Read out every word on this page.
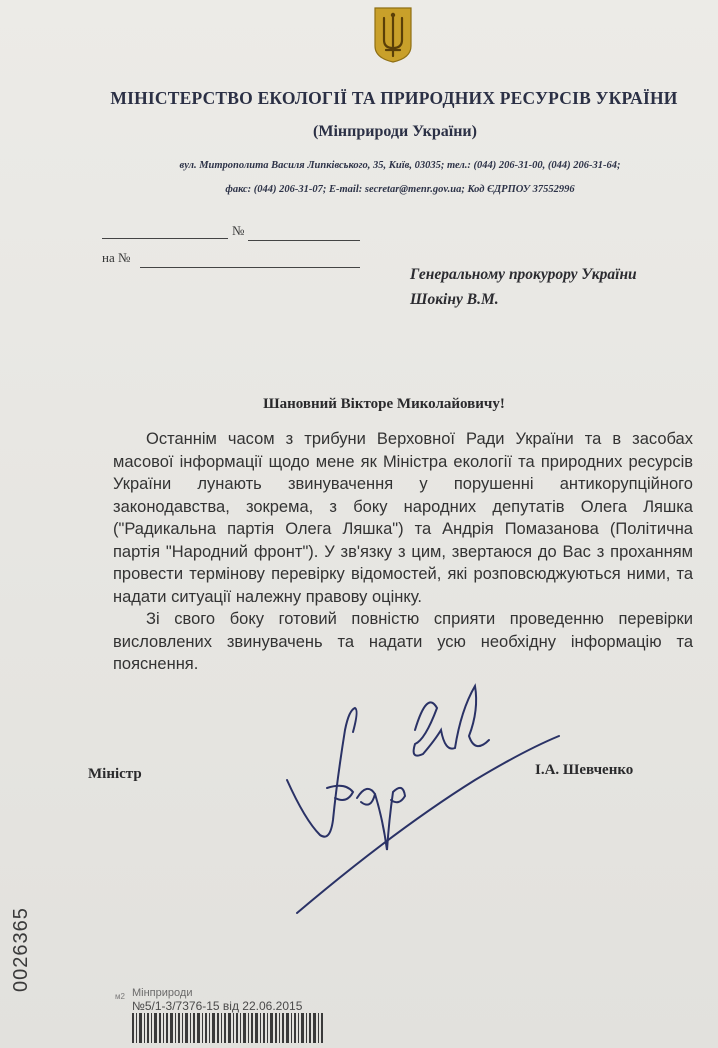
МІНІСТЕРСТВО ЕКОЛОГІЇ ТА ПРИРОДНИХ РЕСУРСІВ УКРАЇНИ
(Мінприроди України)
вул. Митрополита Василя Липківського, 35, Київ, 03035; тел.: (044) 206-31-00, (044) 206-31-64;
факс: (044) 206-31-07; E-mail: secretar@menr.gov.ua; Код ЄДРПОУ 37552996
№
на №
Генеральному прокурору України
Шокіну В.М.
Шановний Вікторе Миколайовичу!

Останнім часом з трибуни Верховної Ради України та в засобах масової інформації щодо мене як Міністра екології та природних ресурсів України лунають звинувачення у порушенні антикорупційного законодавства, зокрема, з боку народних депутатів Олега Ляшка ("Радикальна партія Олега Ляшка") та Андрія Помазанова (Політична партія "Народний фронт"). У зв'язку з цим, звертаюся до Вас з проханням провести термінову перевірку відомостей, які розповсюджуються ними, та надати ситуації належну правову оцінку.

Зі свого боку готовий повністю сприяти проведенню перевірки висловлених звинувачень та надати усю необхідну інформацію та пояснення.

Міністр	І.А. Шевченко
0026365
м2 Мінприроди
№5/1-3/7376-15 від 22.06.2015
